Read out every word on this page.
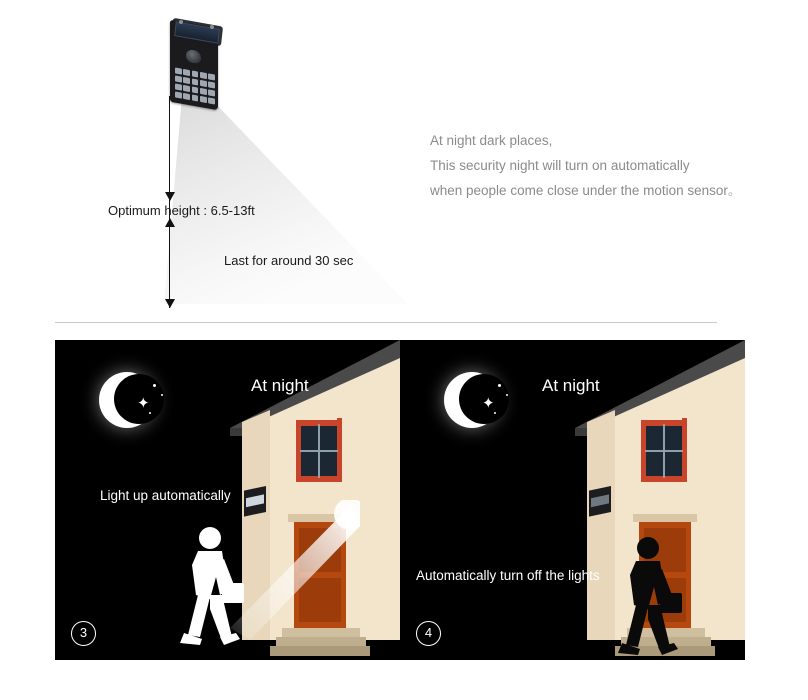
Optimum height : 6.5-13ft
Last for around 30 sec
At night dark places,
This security night will turn on automatically
when people come close under the motion sensor。
✦
At night
Light up automatically
3
✦
At night
Automatically turn off the lights
4
